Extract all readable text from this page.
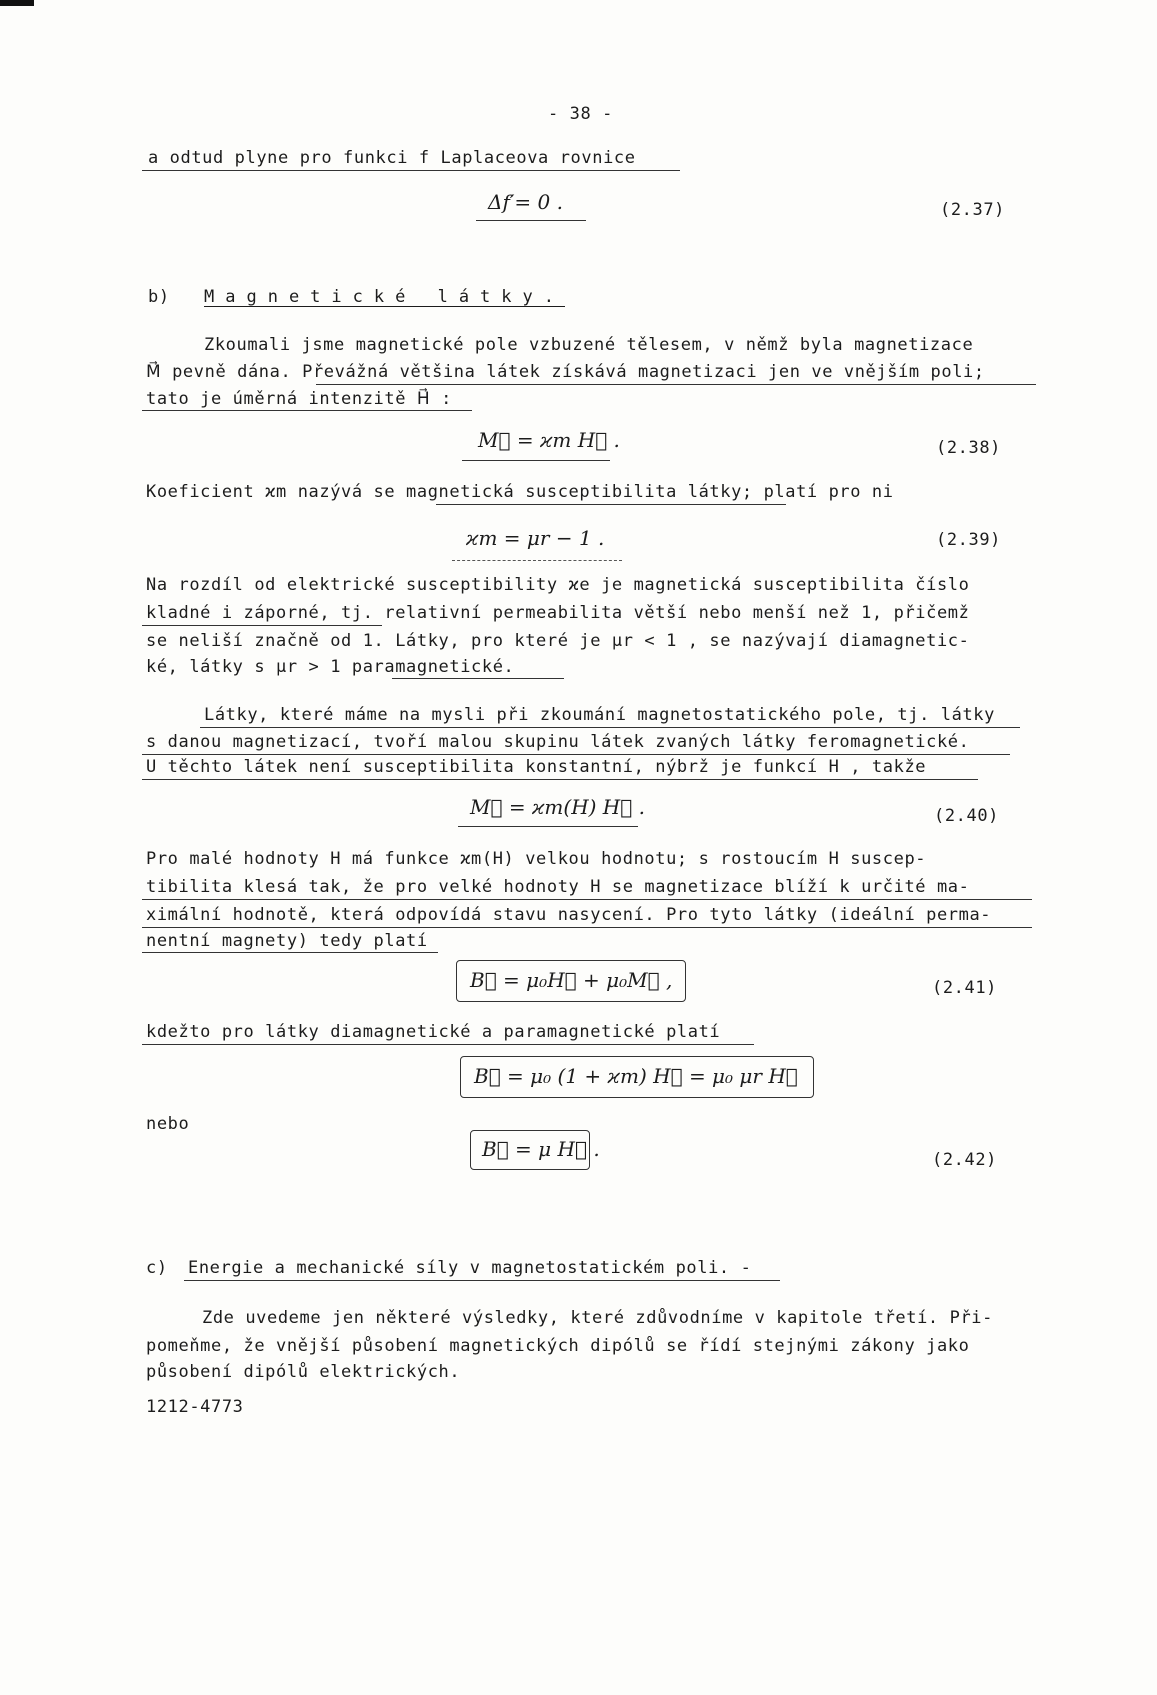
- 38 -
a odtud plyne pro funkci f Laplaceova rovnice
Δf′= 0 .	(2.37)
b) Magnetické látky.
Zkoumali jsme magnetické pole vzbuzené tělesem, v němž byla magnetizace
M⃗ pevně dána. Převážná většina látek získává magnetizaci jen ve vnějším poli;
tato je úměrná intenzitě H⃗ :
M⃗ = ϰm H⃗ .	(2.38)
Koeficient ϰm nazývá se magnetická susceptibilita látky; platí pro ni
ϰm = μr − 1 .	(2.39)
Na rozdíl od elektrické susceptibility ϰe je magnetická susceptibilita číslo
kladné i záporné, tj. relativní permeabilita větší nebo menší než 1, přičemž
se neliší značně od 1. Látky, pro které je μr < 1 , se nazývají diamagnetic-
ké, látky s μr > 1 paramagnetické.
Látky, které máme na mysli při zkoumání magnetostatického pole, tj. látky
s danou magnetizací, tvoří malou skupinu látek zvaných látky feromagnetické.
U těchto látek není susceptibilita konstantní, nýbrž je funkcí H , takže
M⃗ = ϰm(H) H⃗ .	(2.40)
Pro malé hodnoty H má funkce ϰm(H) velkou hodnotu; s rostoucím H suscep-
tibilita klesá tak, že pro velké hodnoty H se magnetizace blíží k určité ma-
ximální hodnotě, která odpovídá stavu nasycení. Pro tyto látky (ideální perma-
nentní magnety) tedy platí
B⃗ = μ₀H⃗ + μ₀M⃗ ,	(2.41)
kdežto pro látky diamagnetické a paramagnetické platí
B⃗ = μ₀ (1 + ϰm) H⃗ = μ₀ μr H⃗
nebo
B⃗ = μ H⃗ .	(2.42)
c) Energie a mechanické síly v magnetostatickém poli. -
Zde uvedeme jen některé výsledky, které zdůvodníme v kapitole třetí. Při-
pomeňme, že vnější působení magnetických dipólů se řídí stejnými zákony jako
působení dipólů elektrických.
1212-4773
